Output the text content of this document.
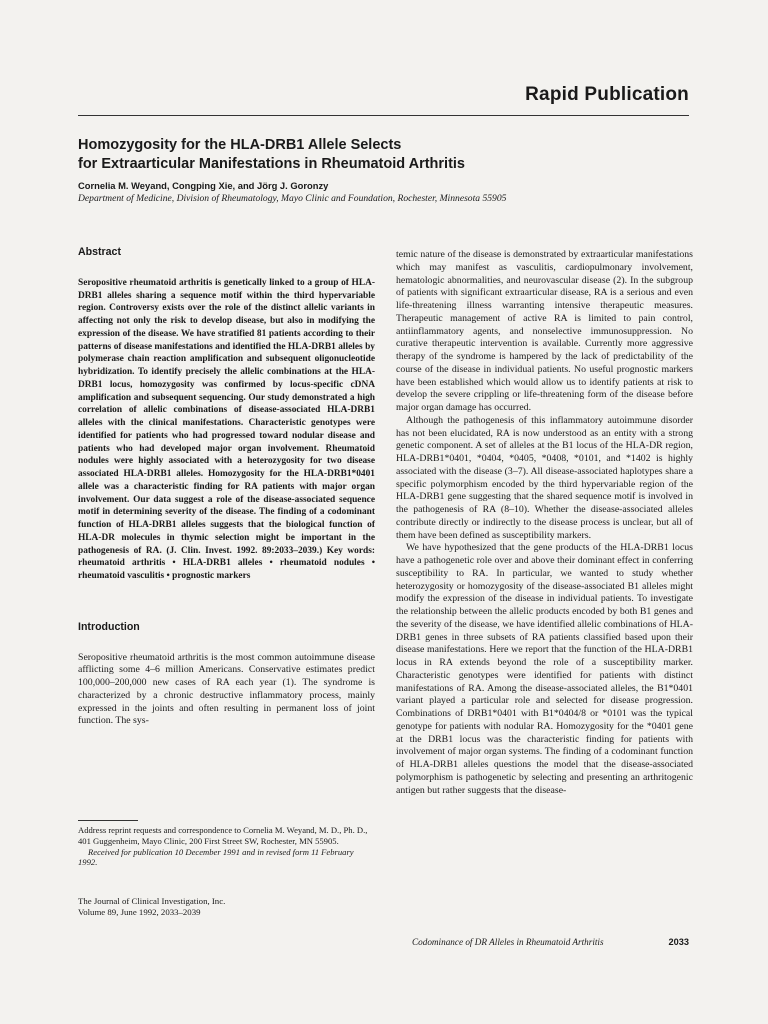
Rapid Publication
Homozygosity for the HLA-DRB1 Allele Selects
for Extraarticular Manifestations in Rheumatoid Arthritis
Cornelia M. Weyand, Congping Xie, and Jörg J. Goronzy
Department of Medicine, Division of Rheumatology, Mayo Clinic and Foundation, Rochester, Minnesota 55905
Abstract

Seropositive rheumatoid arthritis is genetically linked to a group of HLA-DRB1 alleles sharing a sequence motif within the third hypervariable region. Controversy exists over the role of the distinct allelic variants in affecting not only the risk to develop disease, but also in modifying the expression of the disease. We have stratified 81 patients according to their patterns of disease manifestations and identified the HLA-DRB1 alleles by polymerase chain reaction amplification and subsequent oligonucleotide hybridization. To identify precisely the allelic combinations at the HLA-DRB1 locus, homozygosity was confirmed by locus-specific cDNA amplification and subsequent sequencing. Our study demonstrated a high correlation of allelic combinations of disease-associated HLA-DRB1 alleles with the clinical manifestations. Characteristic genotypes were identified for patients who had progressed toward nodular disease and patients who had developed major organ involvement. Rheumatoid nodules were highly associated with a heterozygosity for two disease associated HLA-DRB1 alleles. Homozygosity for the HLA-DRB1*0401 allele was a characteristic finding for RA patients with major organ involvement. Our data suggest a role of the disease-associated sequence motif in determining severity of the disease. The finding of a codominant function of HLA-DRB1 alleles suggests that the biological function of HLA-DR molecules in thymic selection might be important in the pathogenesis of RA. (J. Clin. Invest. 1992. 89:2033–2039.) Key words: rheumatoid arthritis • HLA-DRB1 alleles • rheumatoid nodules • rheumatoid vasculitis • prognostic markers

Introduction

Seropositive rheumatoid arthritis is the most common autoimmune disease afflicting some 4–6 million Americans. Conservative estimates predict 100,000–200,000 new cases of RA each year (1). The syndrome is characterized by a chronic destructive inflammatory process, mainly expressed in the joints and often resulting in permanent loss of joint function. The sys-

Address reprint requests and correspondence to Cornelia M. Weyand, M. D., Ph. D., 401 Guggenheim, Mayo Clinic, 200 First Street SW, Rochester, MN 55905.

Received for publication 10 December 1991 and in revised form 11 February 1992.

The Journal of Clinical Investigation, Inc.

Volume 89, June 1992, 2033–2039

temic nature of the disease is demonstrated by extraarticular manifestations which may manifest as vasculitis, cardiopulmonary involvement, hematologic abnormalities, and neurovascular disease (2). In the subgroup of patients with significant extraarticular disease, RA is a serious and even life-threatening illness warranting intensive therapeutic measures. Therapeutic management of active RA is limited to pain control, antiinflammatory agents, and nonselective immunosuppression. No curative therapeutic intervention is available. Currently more aggressive therapy of the syndrome is hampered by the lack of predictability of the course of the disease in individual patients. No useful prognostic markers have been established which would allow us to identify patients at risk to develop the severe crippling or life-threatening form of the disease before major organ damage has occurred.

Although the pathogenesis of this inflammatory autoimmune disorder has not been elucidated, RA is now understood as an entity with a strong genetic component. A set of alleles at the B1 locus of the HLA-DR region, HLA-DRB1*0401, *0404, *0405, *0408, *0101, and *1402 is highly associated with the disease (3–7). All disease-associated haplotypes share a specific polymorphism encoded by the third hypervariable region of the HLA-DRB1 gene suggesting that the shared sequence motif is involved in the pathogenesis of RA (8–10). Whether the disease-associated alleles contribute directly or indirectly to the disease process is unclear, but all of them have been defined as susceptibility markers.

We have hypothesized that the gene products of the HLA-DRB1 locus have a pathogenetic role over and above their dominant effect in conferring susceptibility to RA. In particular, we wanted to study whether heterozygosity or homozygosity of the disease-associated B1 alleles might modify the expression of the disease in individual patients. To investigate the relationship between the allelic products encoded by both B1 genes and the severity of the disease, we have identified allelic combinations of HLA-DRB1 genes in three subsets of RA patients classified based upon their disease manifestations. Here we report that the function of the HLA-DRB1 locus in RA extends beyond the role of a susceptibility marker. Characteristic genotypes were identified for patients with distinct manifestations of RA. Among the disease-associated alleles, the B1*0401 variant played a particular role and selected for disease progression. Combinations of DRB1*0401 with B1*0404/8 or *0101 was the typical genotype for patients with nodular RA. Homozygosity for the *0401 gene at the DRB1 locus was the characteristic finding for patients with involvement of major organ systems. The finding of a codominant function of HLA-DRB1 alleles questions the model that the disease-associated polymorphism is pathogenetic by selecting and presenting an arthritogenic antigen but rather suggests that the disease-

Codominance of DR Alleles in Rheumatoid Arthritis	2033
